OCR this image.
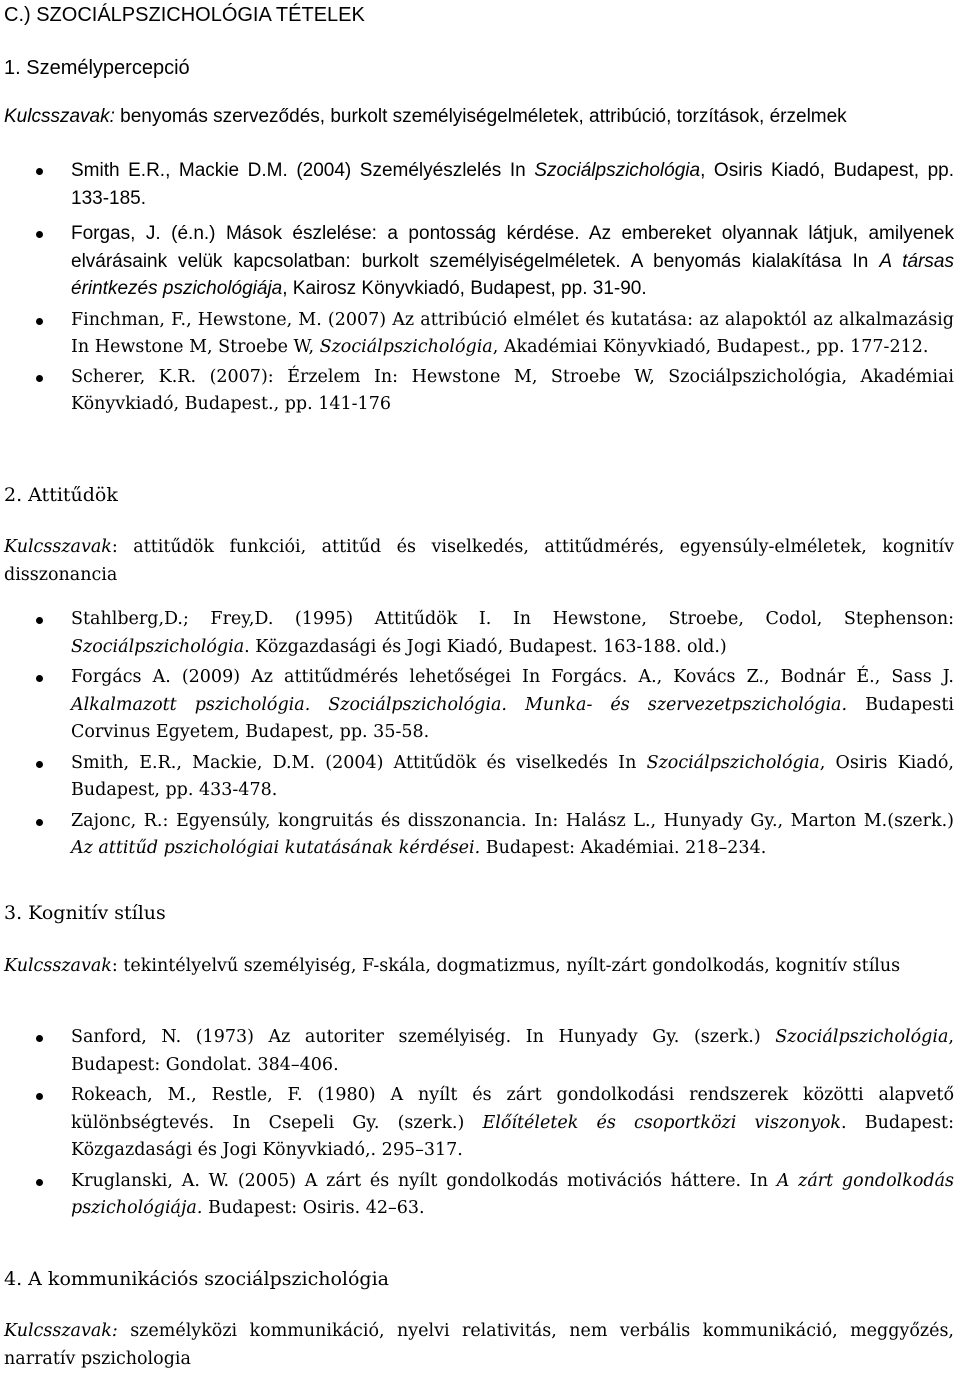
C.) SZOCIÁLPSZICHOLÓGIA TÉTELEK
1. Személypercepció
Kulcsszavak: benyomás szerveződés, burkolt személyiségelméletek, attribúció, torzítások, érzelmek
Smith E.R., Mackie D.M. (2004) Személyészlelés In Szociálpszichológia, Osiris Kiadó, Budapest, pp. 133-185.
Forgas, J. (é.n.) Mások észlelése: a pontosság kérdése. Az embereket olyannak látjuk, amilyenek elvárásaink velük kapcsolatban: burkolt személyiségelméletek. A benyomás kialakítása In A társas érintkezés pszichológiája, Kairosz Könyvkiadó, Budapest, pp. 31-90.
Finchman, F., Hewstone, M. (2007) Az attribúció elmélet és kutatása: az alapoktól az alkalmazásig In Hewstone M, Stroebe W, Szociálpszichológia, Akadémiai Könyvkiadó, Budapest., pp. 177-212.
Scherer, K.R. (2007): Érzelem In: Hewstone M, Stroebe W, Szociálpszichológia, Akadémiai Könyvkiadó, Budapest., pp. 141-176
2. Attitűdök
Kulcsszavak: attitűdök funkciói, attitűd és viselkedés, attitűdmérés, egyensúly-elméletek, kognitív disszonancia
Stahlberg,D.; Frey,D. (1995) Attitűdök I. In Hewstone, Stroebe, Codol, Stephenson: Szociálpszichológia. Közgazdasági és Jogi Kiadó, Budapest. 163-188. old.)
Forgács A. (2009) Az attitűdmérés lehetőségei In Forgács. A., Kovács Z., Bodnár É., Sass J. Alkalmazott pszichológia. Szociálpszichológia. Munka- és szervezetpszichológia. Budapesti Corvinus Egyetem, Budapest, pp. 35-58.
Smith, E.R., Mackie, D.M. (2004) Attitűdök és viselkedés In Szociálpszichológia, Osiris Kiadó, Budapest, pp. 433-478.
Zajonc, R.: Egyensúly, kongruitás és disszonancia. In: Halász L., Hunyady Gy., Marton M.(szerk.) Az attitűd pszichológiai kutatásának kérdései. Budapest: Akadémiai. 218–234.
3. Kognitív stílus
Kulcsszavak: tekintélyelvű személyiség, F-skála, dogmatizmus, nyílt-zárt gondolkodás, kognitív stílus
Sanford, N. (1973) Az autoriter személyiség. In Hunyady Gy. (szerk.) Szociálpszichológia, Budapest: Gondolat. 384–406.
Rokeach, M., Restle, F. (1980) A nyílt és zárt gondolkodási rendszerek közötti alapvető különbségtevés. In Csepeli Gy. (szerk.) Előítéletek és csoportközi viszonyok. Budapest: Közgazdasági és Jogi Könyvkiadó,. 295–317.
Kruglanski, A. W. (2005) A zárt és nyílt gondolkodás motivációs háttere. In A zárt gondolkodás pszichológiája. Budapest: Osiris. 42–63.
4. A kommunikációs szociálpszichológia
Kulcsszavak: személyközi kommunikáció, nyelvi relativitás, nem verbális kommunikáció, meggyőzés, narratív pszichologia
